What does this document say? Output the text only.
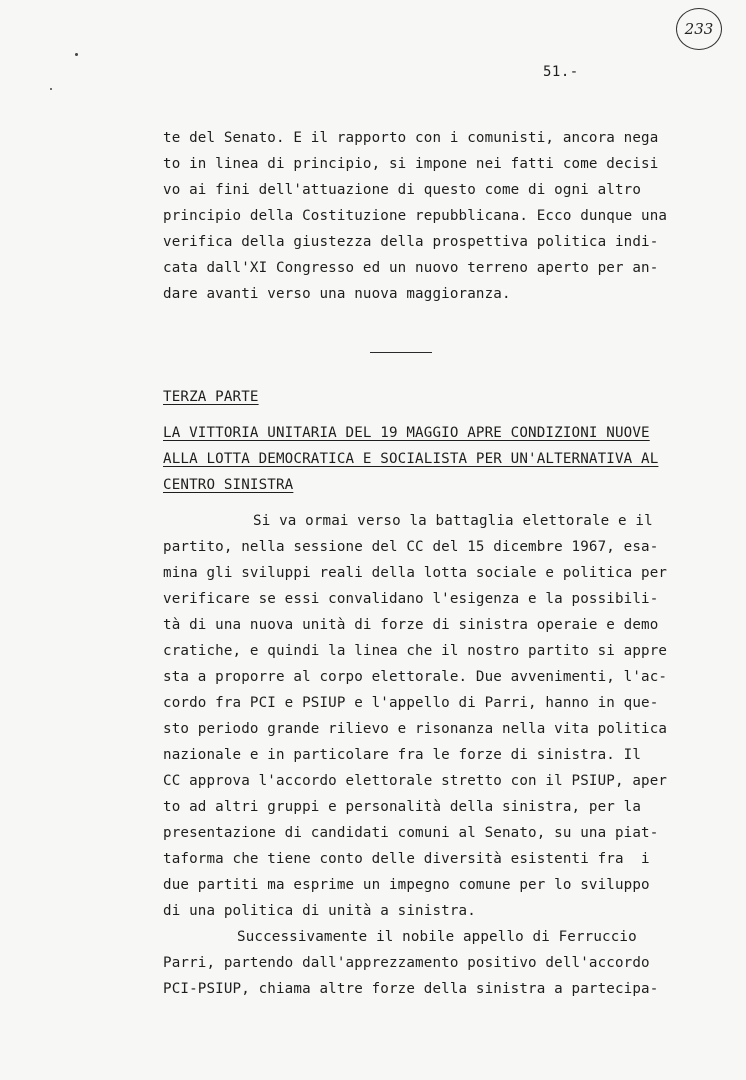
233
51.-
te del Senato. E il rapporto con i comunisti, ancora nega
to in linea di principio, si impone nei fatti come decisi
vo ai fini dell'attuazione di questo come di ogni altro
principio della Costituzione repubblicana. Ecco dunque una
verifica della giustezza della prospettiva politica indi-
cata dall'XI Congresso ed un nuovo terreno aperto per an-
dare avanti verso una nuova maggioranza.
TERZA PARTE
LA VITTORIA UNITARIA DEL 19 MAGGIO APRE CONDIZIONI NUOVE
ALLA LOTTA DEMOCRATICA E SOCIALISTA PER UN'ALTERNATIVA AL
CENTRO SINISTRA
Si va ormai verso la battaglia elettorale e il
partito, nella sessione del CC del 15 dicembre 1967, esa-
mina gli sviluppi reali della lotta sociale e politica per
verificare se essi convalidano l'esigenza e la possibili-
tà di una nuova unità di forze di sinistra operaie e demo
cratiche, e quindi la linea che il nostro partito si appre
sta a proporre al corpo elettorale. Due avvenimenti, l'ac-
cordo fra PCI e PSIUP e l'appello di Parri, hanno in que-
sto periodo grande rilievo e risonanza nella vita politica
nazionale e in particolare fra le forze di sinistra. Il
CC approva l'accordo elettorale stretto con il PSIUP, aper
to ad altri gruppi e personalità della sinistra, per la
presentazione di candidati comuni al Senato, su una piat-
taforma che tiene conto delle diversità esistenti fra  i
due partiti ma esprime un impegno comune per lo sviluppo
di una politica di unità a sinistra.
Successivamente il nobile appello di Ferruccio
Parri, partendo dall'apprezzamento positivo dell'accordo
PCI-PSIUP, chiama altre forze della sinistra a partecipa-
